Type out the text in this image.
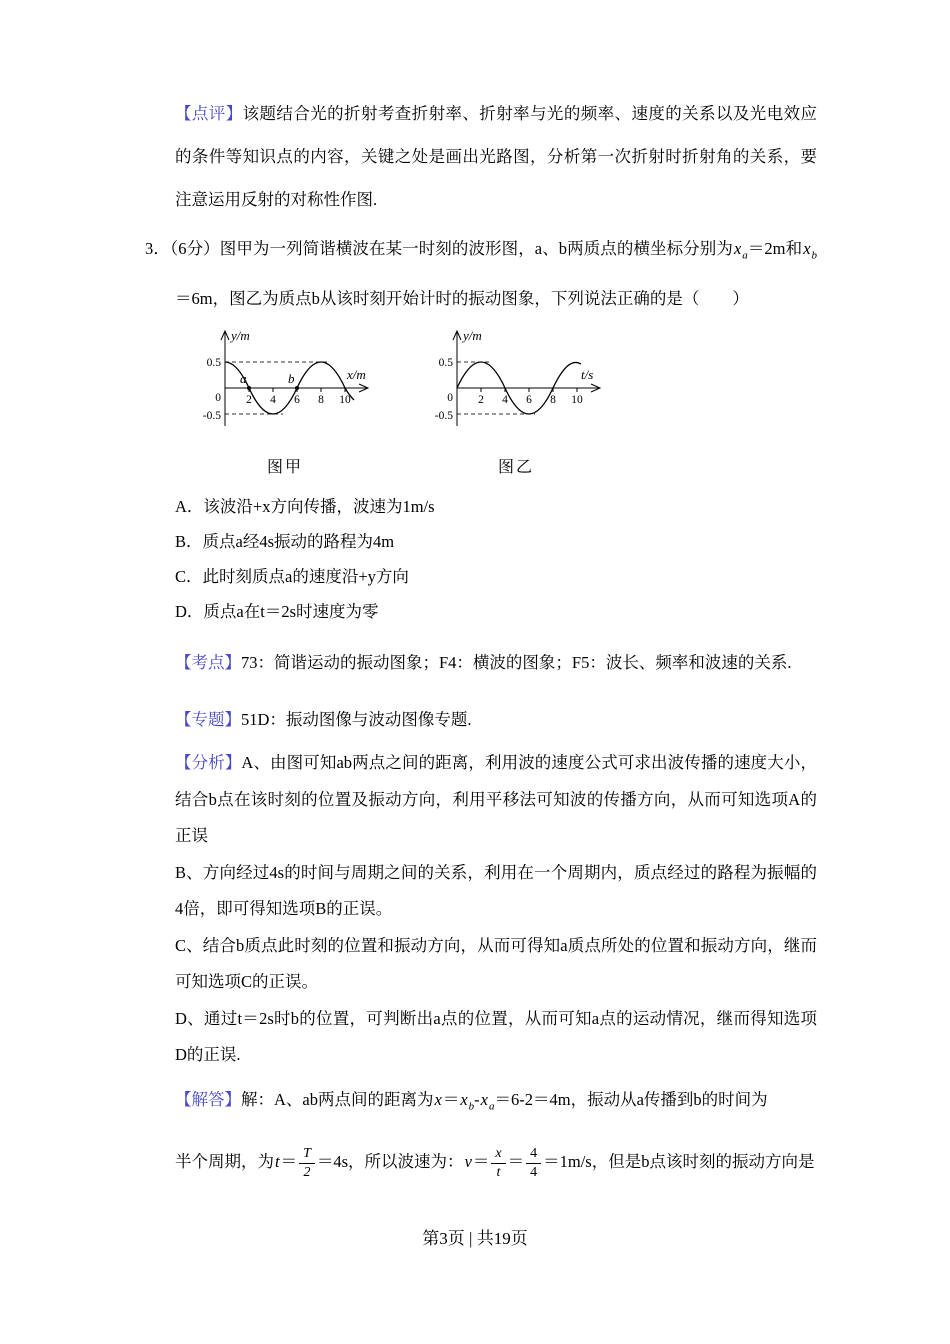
【点评】该题结合光的折射考查折射率、折射率与光的频率、速度的关系以及光电效应的条件等知识点的内容，关键之处是画出光路图，分析第一次折射时折射角的关系，要注意运用反射的对称性作图.

3．（6分）图甲为一列简谐横波在某一时刻的波形图，a、b两质点的横坐标分别为$x_a=2m$和$x_b=6m$，图乙为质点b从该时刻开始计时的振动图象，下列说法正确的是（　　）

y/m
x/m
0.5
0
-0.5
2 4 6 8 10
a	b
图甲
y/m
t/s
0.5
0
-0.5
2 4 6 8 10
图乙

A．该波沿+x方向传播，波速为1m/s

B．质点a经4s振动的路程为4m

C．此时刻质点a的速度沿+y方向

D．质点a在t＝2s时速度为零

【考点】73：简谐运动的振动图象；F4：横波的图象；F5：波长、频率和波速的关系.

【专题】51D：振动图像与波动图像专题.

【分析】A、由图可知ab两点之间的距离，利用波的速度公式可求出波传播的速度大小，结合b点在该时刻的位置及振动方向，利用平移法可知波的传播方向，从而可知选项A的正误

B、方向经过4s的时间与周期之间的关系，利用在一个周期内，质点经过的路程为振幅的4倍，即可得知选项B的正误。

C、结合b质点此时刻的位置和振动方向，从而可得知a质点所处的位置和振动方向，继而可知选项C的正误。

D、通过t＝2s时b的位置，可判断出a点的位置，从而可知a点的运动情况，继而得知选项D的正误.

【解答】解：A、ab两点间的距离为$x=x_b-x_a=6-2=4m$，振动从a传播到b的时间为

半个周期，为$t= \frac{T}{2} =4s$，所以波速为：$v= \frac{x}{t} = \frac{4}{4} =1m/s$，但是b点该时刻的振动方向是

第3页 | 共19页
